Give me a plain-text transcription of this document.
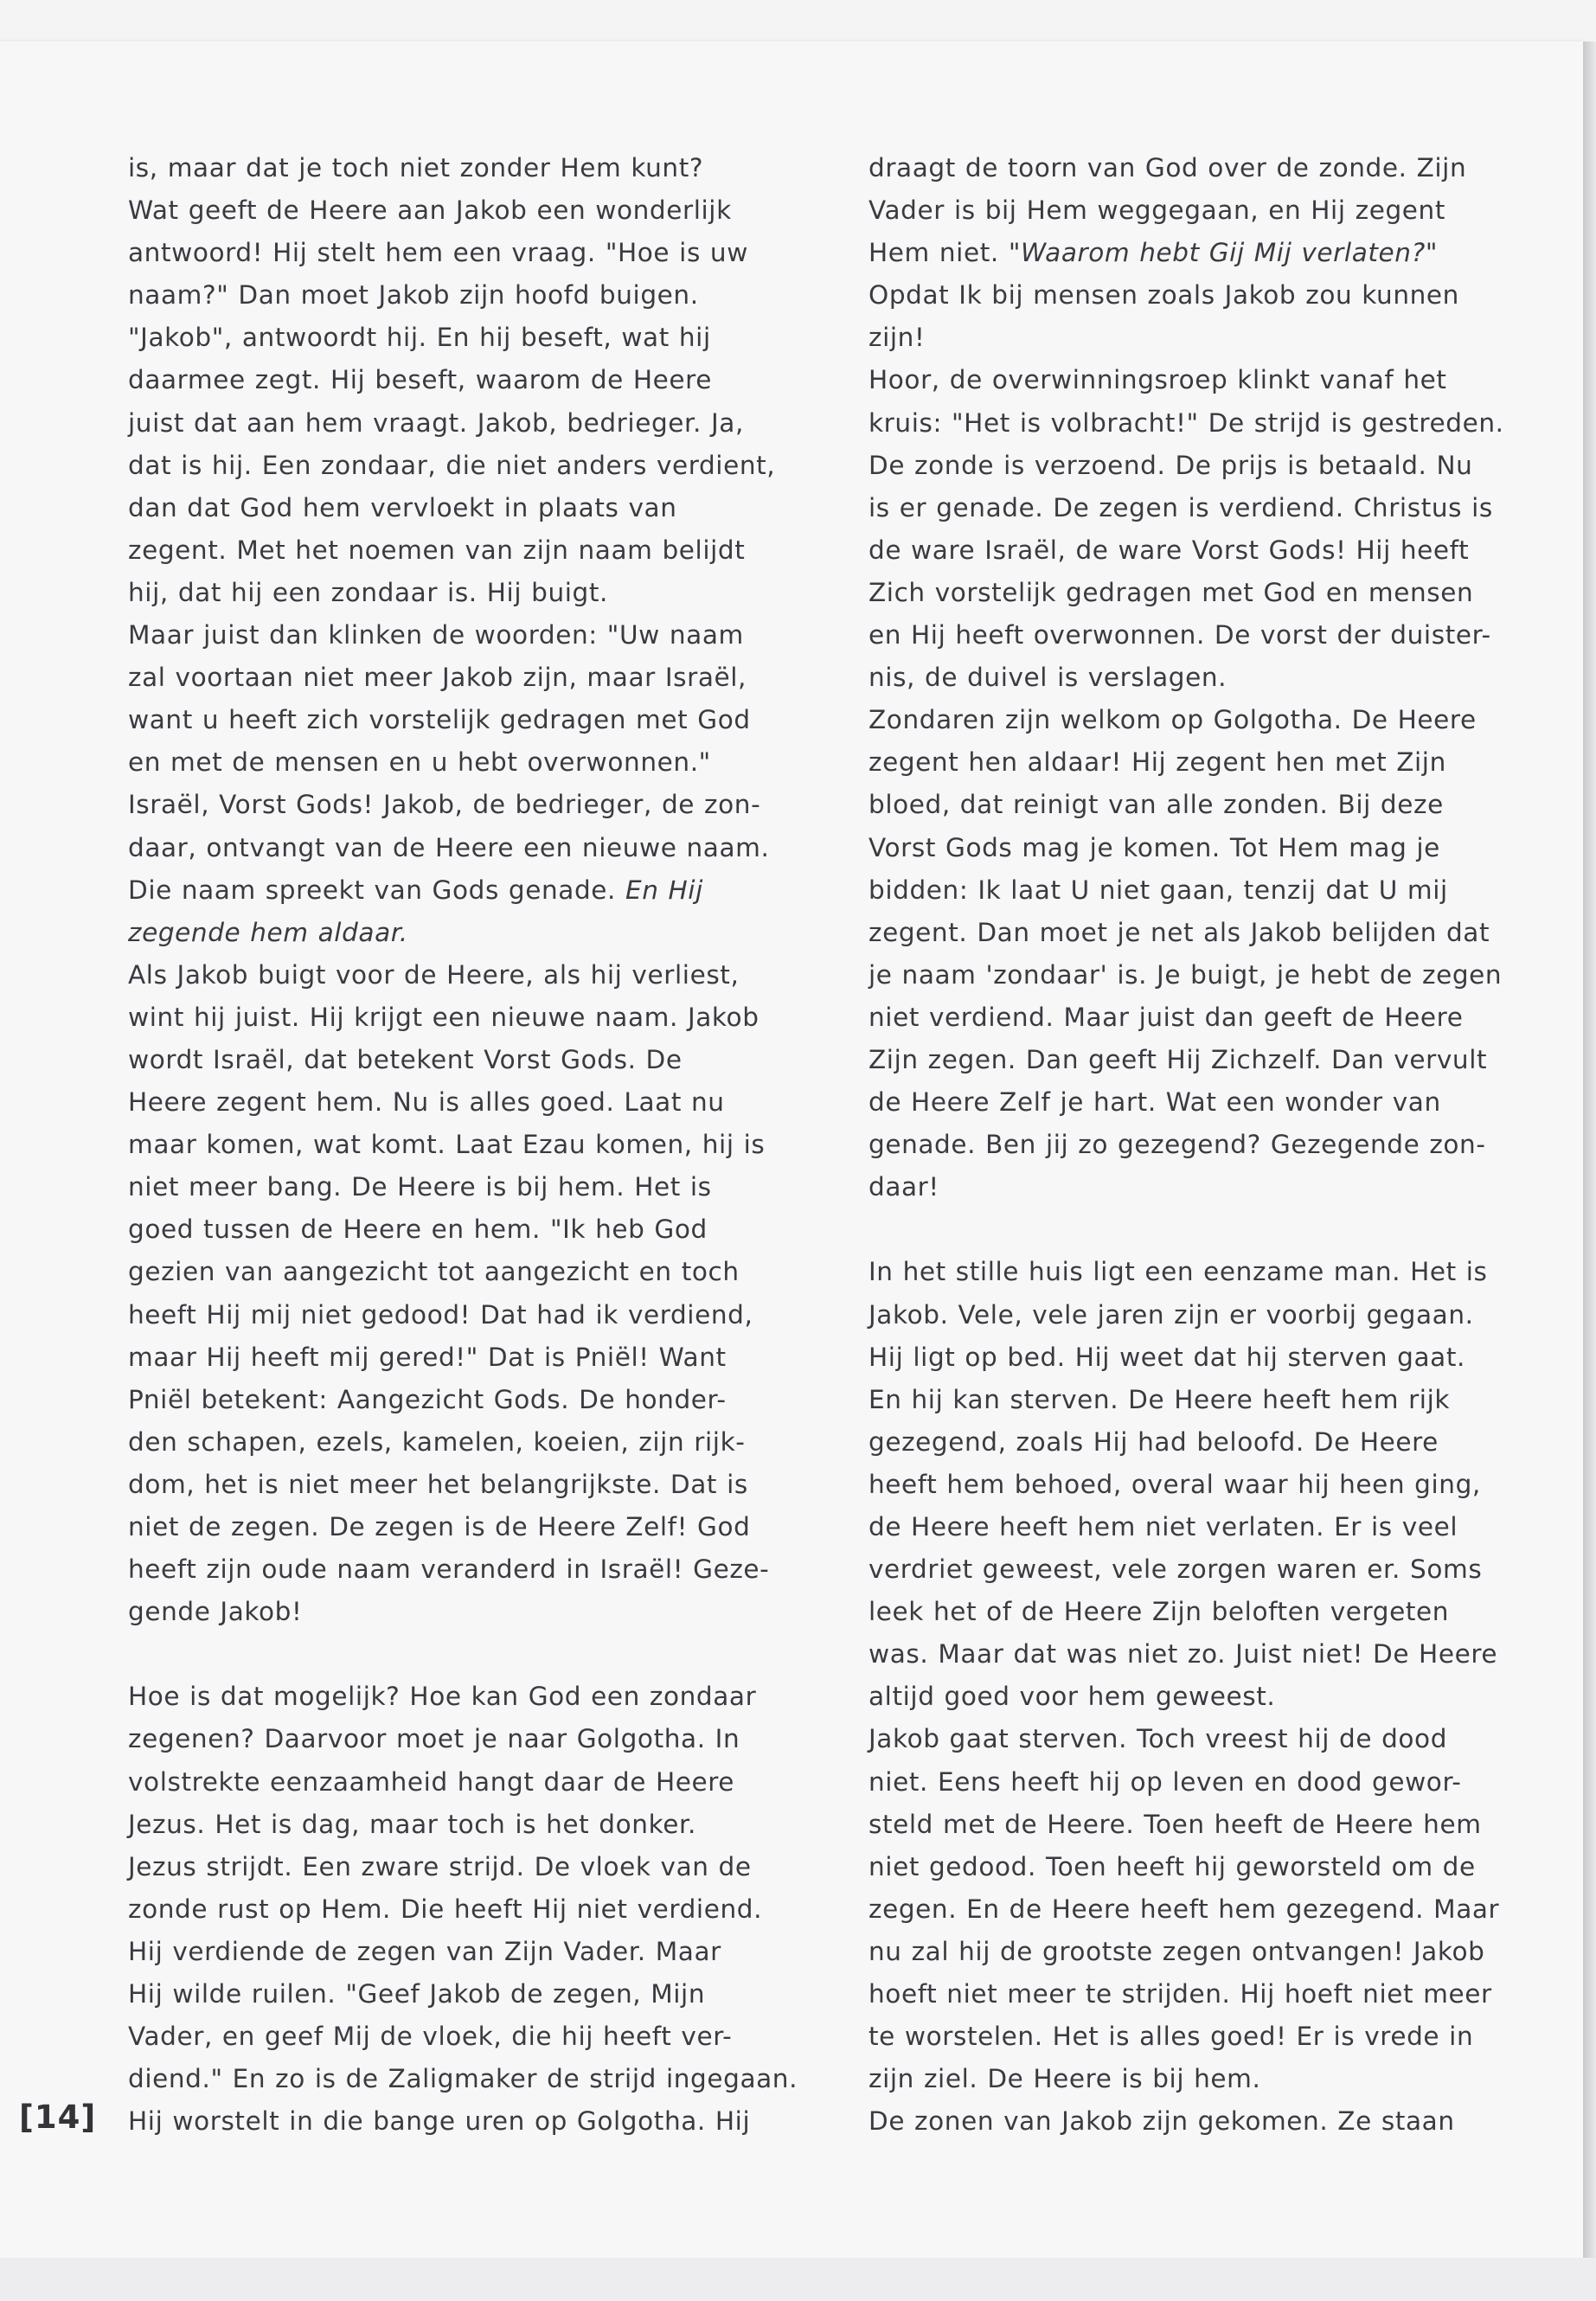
is, maar dat je toch niet zonder Hem kunt?
Wat geeft de Heere aan Jakob een wonderlijk
antwoord! Hij stelt hem een vraag. "Hoe is uw
naam?" Dan moet Jakob zijn hoofd buigen.
"Jakob", antwoordt hij. En hij beseft, wat hij
daarmee zegt. Hij beseft, waarom de Heere
juist dat aan hem vraagt. Jakob, bedrieger. Ja,
dat is hij. Een zondaar, die niet anders verdient,
dan dat God hem vervloekt in plaats van
zegent. Met het noemen van zijn naam belijdt
hij, dat hij een zondaar is. Hij buigt.
Maar juist dan klinken de woorden: "Uw naam
zal voortaan niet meer Jakob zijn, maar Israël,
want u heeft zich vorstelijk gedragen met God
en met de mensen en u hebt overwonnen."
Israël, Vorst Gods! Jakob, de bedrieger, de zon-
daar, ontvangt van de Heere een nieuwe naam.
Die naam spreekt van Gods genade. En Hij
zegende hem aldaar.
Als Jakob buigt voor de Heere, als hij verliest,
wint hij juist. Hij krijgt een nieuwe naam. Jakob
wordt Israël, dat betekent Vorst Gods. De
Heere zegent hem. Nu is alles goed. Laat nu
maar komen, wat komt. Laat Ezau komen, hij is
niet meer bang. De Heere is bij hem. Het is
goed tussen de Heere en hem. "Ik heb God
gezien van aangezicht tot aangezicht en toch
heeft Hij mij niet gedood! Dat had ik verdiend,
maar Hij heeft mij gered!" Dat is Pniël! Want
Pniël betekent: Aangezicht Gods. De honder-
den schapen, ezels, kamelen, koeien, zijn rijk-
dom, het is niet meer het belangrijkste. Dat is
niet de zegen. De zegen is de Heere Zelf! God
heeft zijn oude naam veranderd in Israël! Geze-
gende Jakob!
Hoe is dat mogelijk? Hoe kan God een zondaar
zegenen? Daarvoor moet je naar Golgotha. In
volstrekte eenzaamheid hangt daar de Heere
Jezus. Het is dag, maar toch is het donker.
Jezus strijdt. Een zware strijd. De vloek van de
zonde rust op Hem. Die heeft Hij niet verdiend.
Hij verdiende de zegen van Zijn Vader. Maar
Hij wilde ruilen. "Geef Jakob de zegen, Mijn
Vader, en geef Mij de vloek, die hij heeft ver-
diend." En zo is de Zaligmaker de strijd ingegaan.
Hij worstelt in die bange uren op Golgotha. Hij
draagt de toorn van God over de zonde. Zijn
Vader is bij Hem weggegaan, en Hij zegent
Hem niet. "Waarom hebt Gij Mij verlaten?"
Opdat Ik bij mensen zoals Jakob zou kunnen
zijn!
Hoor, de overwinningsroep klinkt vanaf het
kruis: "Het is volbracht!" De strijd is gestreden.
De zonde is verzoend. De prijs is betaald. Nu
is er genade. De zegen is verdiend. Christus is
de ware Israël, de ware Vorst Gods! Hij heeft
Zich vorstelijk gedragen met God en mensen
en Hij heeft overwonnen. De vorst der duister-
nis, de duivel is verslagen.
Zondaren zijn welkom op Golgotha. De Heere
zegent hen aldaar! Hij zegent hen met Zijn
bloed, dat reinigt van alle zonden. Bij deze
Vorst Gods mag je komen. Tot Hem mag je
bidden: Ik laat U niet gaan, tenzij dat U mij
zegent. Dan moet je net als Jakob belijden dat
je naam 'zondaar' is. Je buigt, je hebt de zegen
niet verdiend. Maar juist dan geeft de Heere
Zijn zegen. Dan geeft Hij Zichzelf. Dan vervult
de Heere Zelf je hart. Wat een wonder van
genade. Ben jij zo gezegend? Gezegende zon-
daar!
In het stille huis ligt een eenzame man. Het is
Jakob. Vele, vele jaren zijn er voorbij gegaan.
Hij ligt op bed. Hij weet dat hij sterven gaat.
En hij kan sterven. De Heere heeft hem rijk
gezegend, zoals Hij had beloofd. De Heere
heeft hem behoed, overal waar hij heen ging,
de Heere heeft hem niet verlaten. Er is veel
verdriet geweest, vele zorgen waren er. Soms
leek het of de Heere Zijn beloften vergeten
was. Maar dat was niet zo. Juist niet! De Heere
altijd goed voor hem geweest.
Jakob gaat sterven. Toch vreest hij de dood
niet. Eens heeft hij op leven en dood gewor-
steld met de Heere. Toen heeft de Heere hem
niet gedood. Toen heeft hij geworsteld om de
zegen. En de Heere heeft hem gezegend. Maar
nu zal hij de grootste zegen ontvangen! Jakob
hoeft niet meer te strijden. Hij hoeft niet meer
te worstelen. Het is alles goed! Er is vrede in
zijn ziel. De Heere is bij hem.
De zonen van Jakob zijn gekomen. Ze staan
[14]
